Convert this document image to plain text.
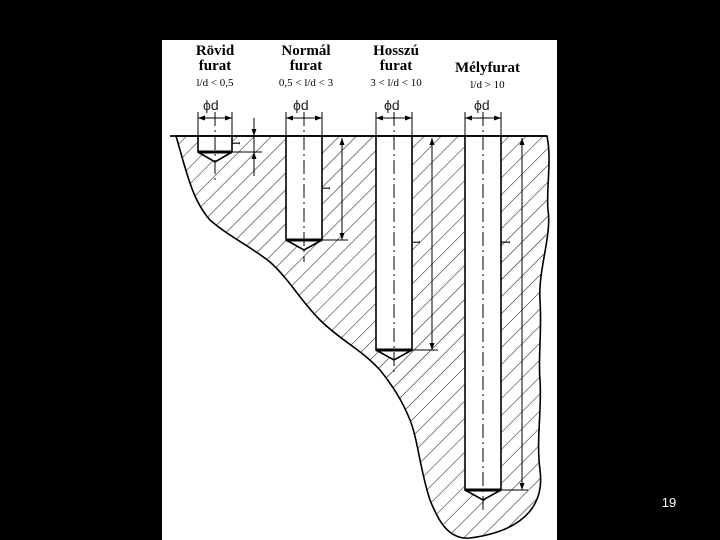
Rövid
furat
l/d < 0,5
Normál
furat
0,5 < l/d < 3
Hosszú
furat
3 < l/d < 10
Mélyfurat
l/d > 10
ϕd	ϕd	ϕd	ϕd
l
l
l	l
19
